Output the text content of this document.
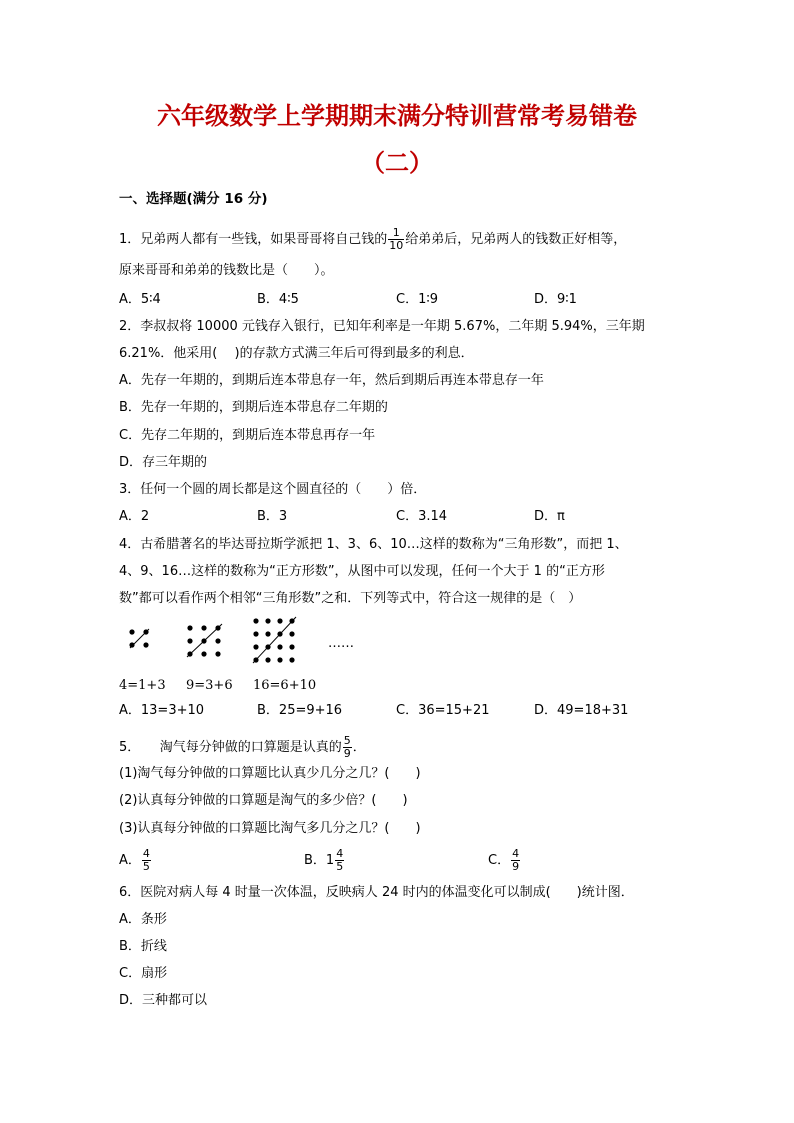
六年级数学上学期期末满分特训营常考易错卷
（二）
一、选择题(满分 16 分)
1．兄弟两人都有一些钱，如果哥哥将自己钱的 $\frac{1}{10}$ 给弟弟后，兄弟两人的钱数正好相等，
原来哥哥和弟弟的钱数比是（　　）。
A．5∶4	B．4∶5	C．1∶9	D．9∶1
2．李叔叔将 10000 元钱存入银行，已知年利率是一年期 5.67%，二年期 5.94%，三年期
6.21%．他采用(　 )的存款方式满三年后可得到最多的利息．
A．先存一年期的，到期后连本带息存一年，然后到期后再连本带息存一年
B．先存一年期的，到期后连本带息存二年期的
C．先存二年期的，到期后连本带息再存一年
D．存三年期的
3．任何一个圆的周长都是这个圆直径的（　　）倍．
A．2	B．3	C．3.14	D．π
4．古希腊著名的毕达哥拉斯学派把 1、3、6、10…这样的数称为“三角形数”，而把 1、
4、9、16…这样的数称为“正方形数”，从图中可以发现，任何一个大于 1 的“正方形
数”都可以看作两个相邻“三角形数”之和．下列等式中，符合这一规律的是（　）
……
4=1+3 9=3+6 16=6+10
A．13=3+10	B．25=9+16	C．36=15+21	D．49=18+31
5．　　淘气每分钟做的口算题是认真的 $\frac{5}{9}$ ．
(1)淘气每分钟做的口算题比认真少几分之几？(　　)
(2)认真每分钟做的口算题是淘气的多少倍？(　　)
(3)认真每分钟做的口算题比淘气多几分之几？(　　)
A． $\frac{4}{5}$	B．$1 \frac{4}{5}$	C． $\frac{4}{9}$
6．医院对病人每 4 时量一次体温，反映病人 24 时内的体温变化可以制成(　　)统计图．
A．条形
B．折线
C．扇形
D．三种都可以
